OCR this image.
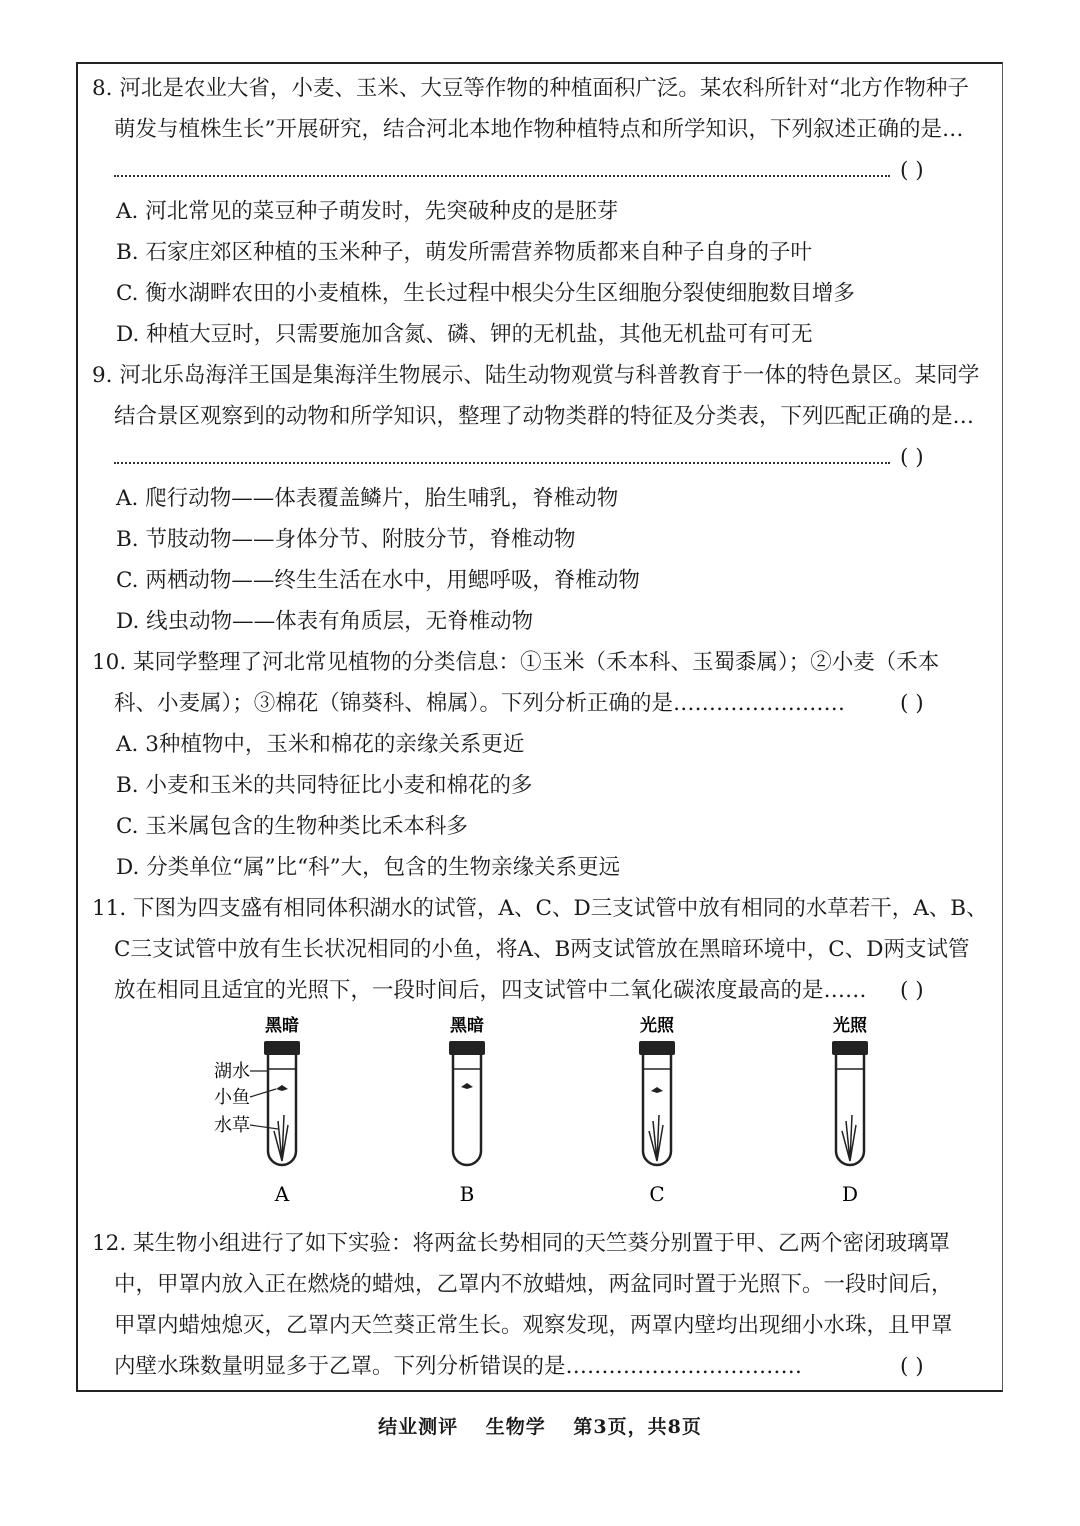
8. 河北是农业大省，小麦、玉米、大豆等作物的种植面积广泛。某农科所针对“北方作物种子
萌发与植株生长”开展研究，结合河北本地作物种植特点和所学知识，下列叙述正确的是…
( )
A. 河北常见的菜豆种子萌发时，先突破种皮的是胚芽
B. 石家庄郊区种植的玉米种子，萌发所需营养物质都来自种子自身的子叶
C. 衡水湖畔农田的小麦植株，生长过程中根尖分生区细胞分裂使细胞数目增多
D. 种植大豆时，只需要施加含氮、磷、钾的无机盐，其他无机盐可有可无
9. 河北乐岛海洋王国是集海洋生物展示、陆生动物观赏与科普教育于一体的特色景区。某同学
结合景区观察到的动物和所学知识，整理了动物类群的特征及分类表，下列匹配正确的是…
( )
A. 爬行动物——体表覆盖鳞片，胎生哺乳，脊椎动物
B. 节肢动物——身体分节、附肢分节，脊椎动物
C. 两栖动物——终生生活在水中，用鳃呼吸，脊椎动物
D. 线虫动物——体表有角质层，无脊椎动物
10. 某同学整理了河北常见植物的分类信息：①玉米（禾本科、玉蜀黍属）；②小麦（禾本
科、小麦属）；③棉花（锦葵科、棉属）。下列分析正确的是……………………	( )
A. 3种植物中，玉米和棉花的亲缘关系更近
B. 小麦和玉米的共同特征比小麦和棉花的多
C. 玉米属包含的生物种类比禾本科多
D. 分类单位“属”比“科”大，包含的生物亲缘关系更远
11. 下图为四支盛有相同体积湖水的试管，A、C、D三支试管中放有相同的水草若干，A、B、
C三支试管中放有生长状况相同的小鱼，将A、B两支试管放在黑暗环境中，C、D两支试管
放在相同且适宜的光照下，一段时间后，四支试管中二氧化碳浓度最高的是…… ( )
黑暗
A
湖水
小鱼
水草
黑暗
B
光照
C
光照
D
12. 某生物小组进行了如下实验：将两盆长势相同的天竺葵分别置于甲、乙两个密闭玻璃罩
中，甲罩内放入正在燃烧的蜡烛，乙罩内不放蜡烛，两盆同时置于光照下。一段时间后，
甲罩内蜡烛熄灭，乙罩内天竺葵正常生长。观察发现，两罩内壁均出现细小水珠，且甲罩
内壁水珠数量明显多于乙罩。下列分析错误的是……………………………	( )
结业测评 生物学 第3页，共8页
